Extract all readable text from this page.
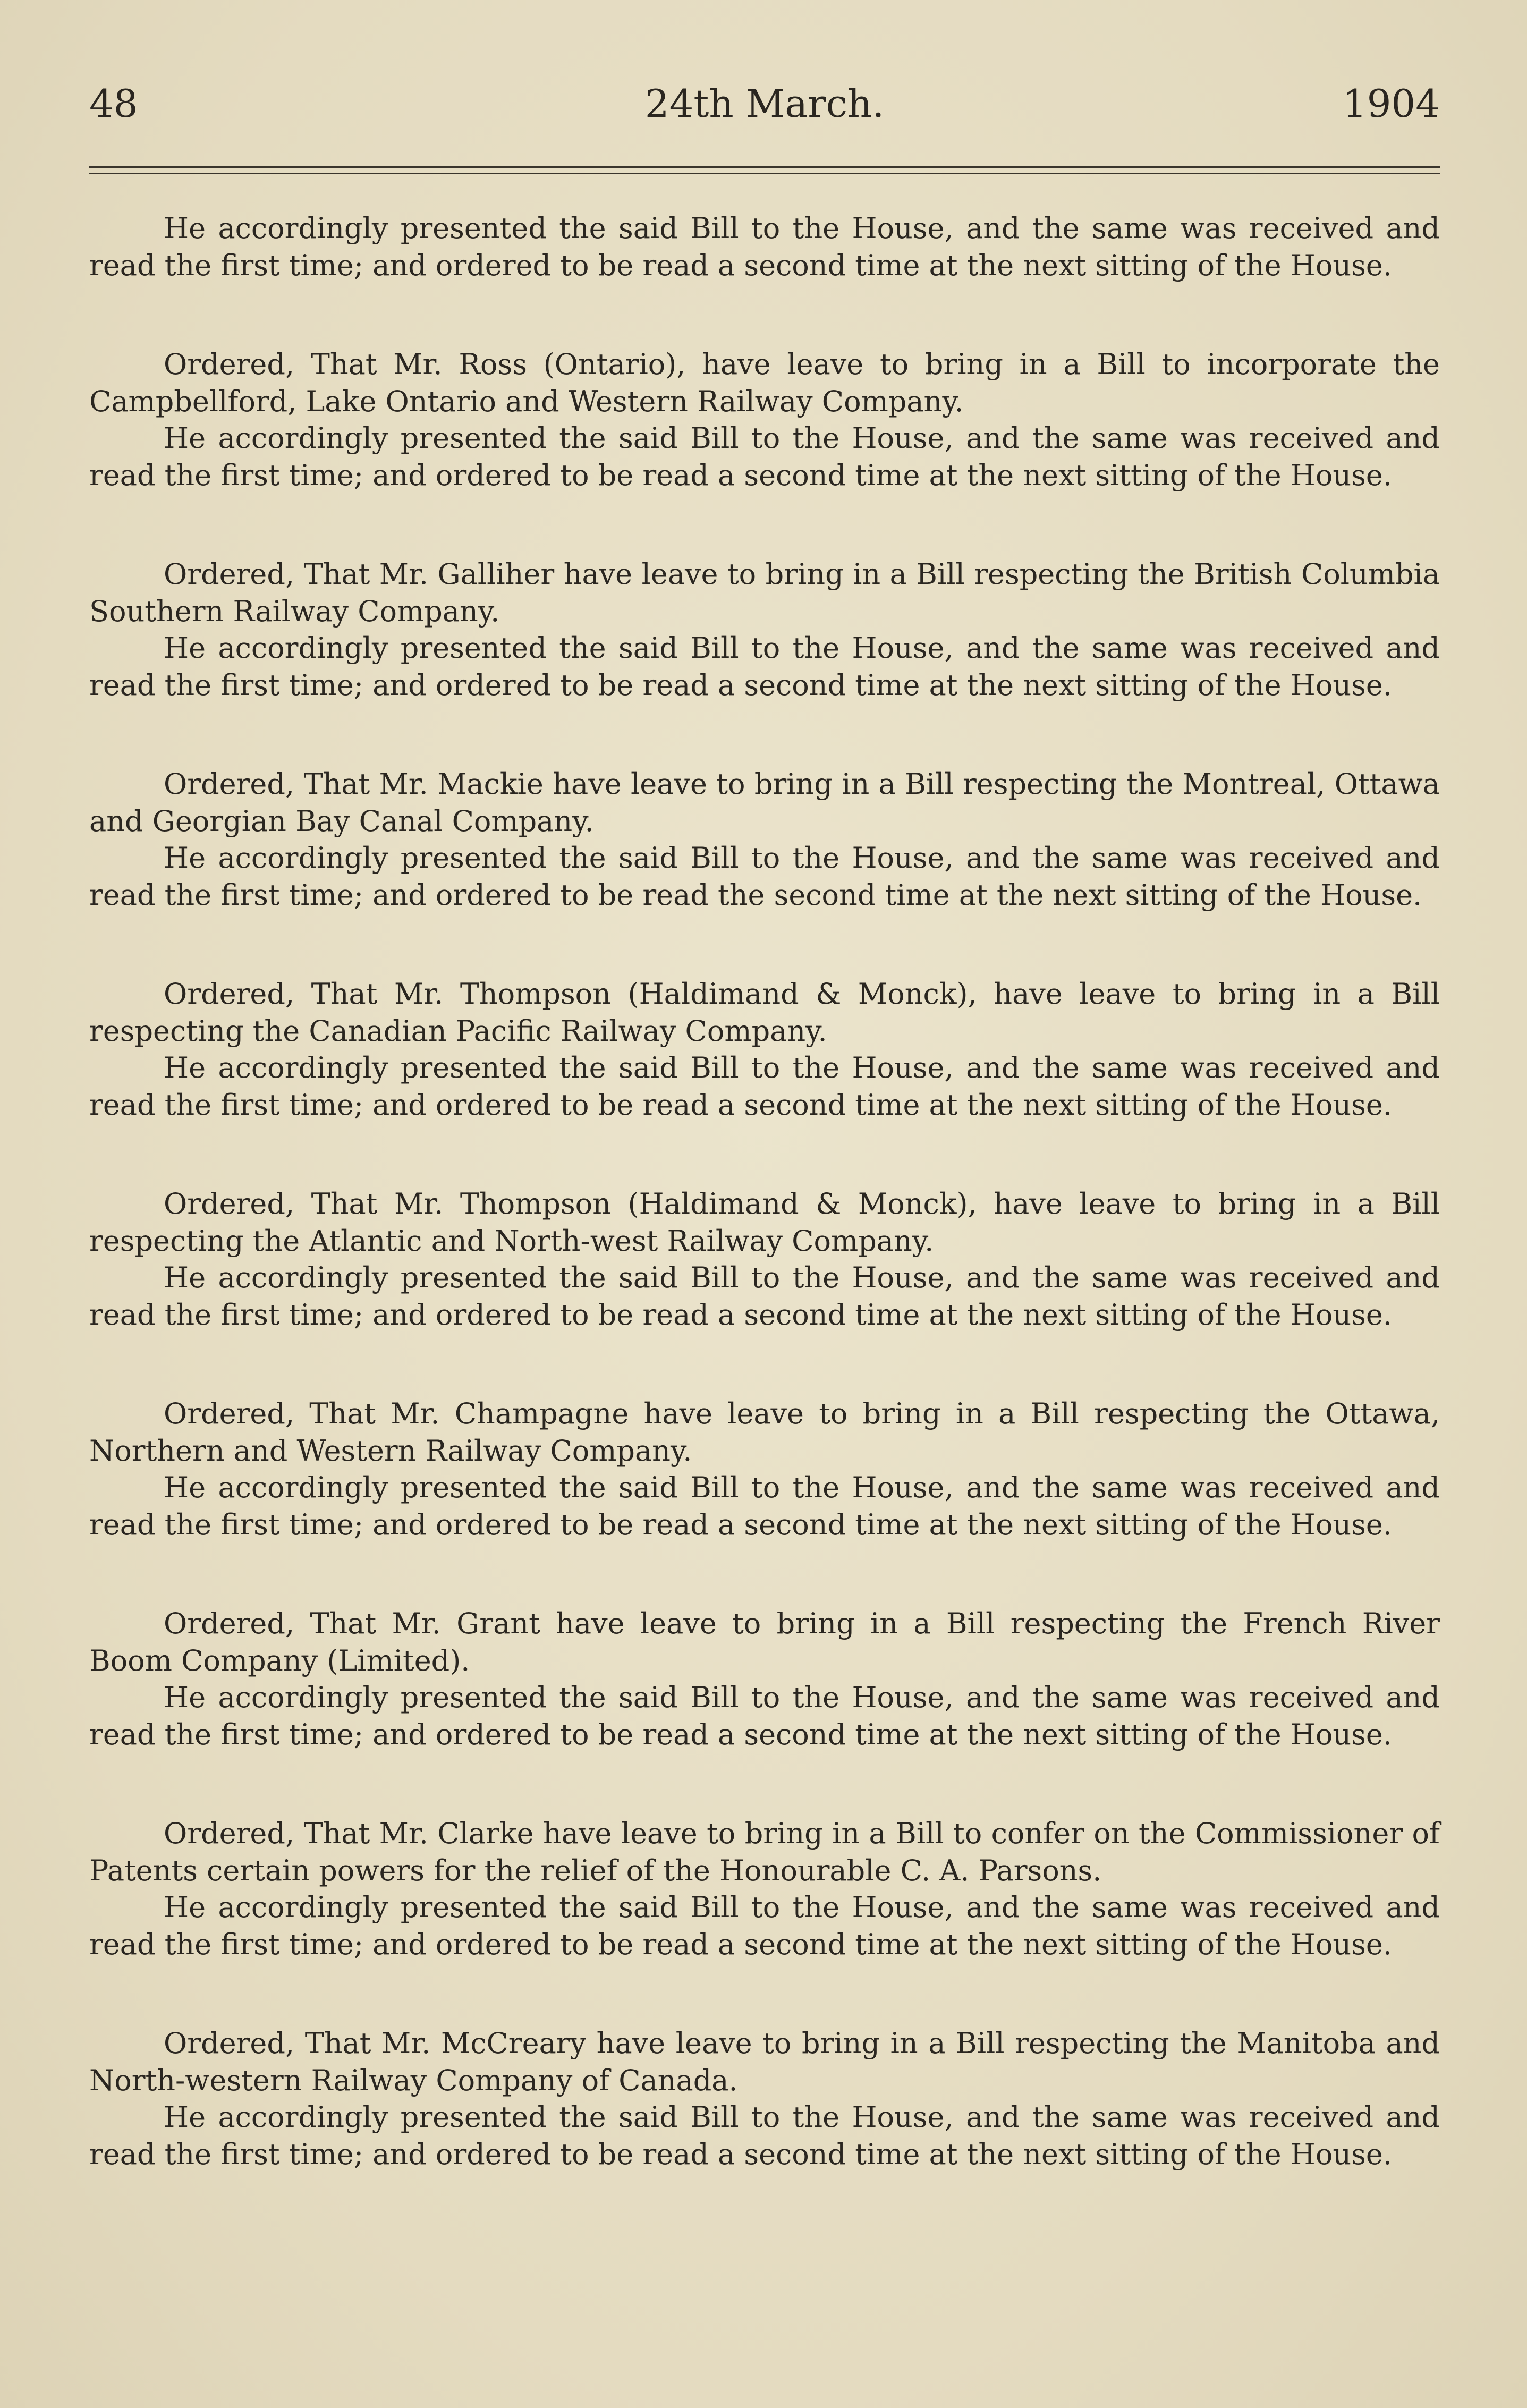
48	24th March.	1904

He accordingly presented the said Bill to the House, and the same was received and read the first time; and ordered to be read a second time at the next sitting of the House.

Ordered, That Mr. Ross (Ontario), have leave to bring in a Bill to incorporate the Campbellford, Lake Ontario and Western Railway Company.

He accordingly presented the said Bill to the House, and the same was received and read the first time; and ordered to be read a second time at the next sitting of the House.

Ordered, That Mr. Galliher have leave to bring in a Bill respecting the British Columbia Southern Railway Company.

He accordingly presented the said Bill to the House, and the same was received and read the first time; and ordered to be read a second time at the next sitting of the House.

Ordered, That Mr. Mackie have leave to bring in a Bill respecting the Montreal, Ottawa and Georgian Bay Canal Company.

He accordingly presented the said Bill to the House, and the same was received and read the first time; and ordered to be read the second time at the next sitting of the House.

Ordered, That Mr. Thompson (Haldimand & Monck), have leave to bring in a Bill respecting the Canadian Pacific Railway Company.

He accordingly presented the said Bill to the House, and the same was received and read the first time; and ordered to be read a second time at the next sitting of the House.

Ordered, That Mr. Thompson (Haldimand & Monck), have leave to bring in a Bill respecting the Atlantic and North-west Railway Company.

He accordingly presented the said Bill to the House, and the same was received and read the first time; and ordered to be read a second time at the next sitting of the House.

Ordered, That Mr. Champagne have leave to bring in a Bill respecting the Ottawa, Northern and Western Railway Company.

He accordingly presented the said Bill to the House, and the same was received and read the first time; and ordered to be read a second time at the next sitting of the House.

Ordered, That Mr. Grant have leave to bring in a Bill respecting the French River Boom Company (Limited).

He accordingly presented the said Bill to the House, and the same was received and read the first time; and ordered to be read a second time at the next sitting of the House.

Ordered, That Mr. Clarke have leave to bring in a Bill to confer on the Commissioner of Patents certain powers for the relief of the Honourable C. A. Parsons.

He accordingly presented the said Bill to the House, and the same was received and read the first time; and ordered to be read a second time at the next sitting of the House.

Ordered, That Mr. McCreary have leave to bring in a Bill respecting the Manitoba and North-western Railway Company of Canada.

He accordingly presented the said Bill to the House, and the same was received and read the first time; and ordered to be read a second time at the next sitting of the House.
